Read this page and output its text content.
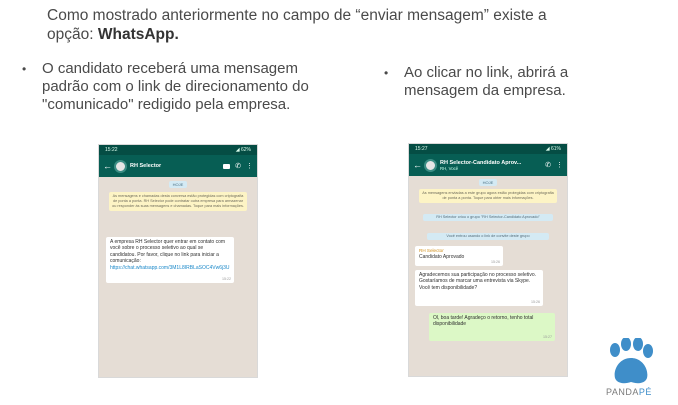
Como mostrado anteriormente no campo de “enviar mensagem” existe a
opção: WhatsApp.
• O candidato receberá uma mensagem padrão com o link de direcionamento do "comunicado" redigido pela empresa.
• Ao clicar no link, abrirá a mensagem da empresa.
15:22	◢ 62%
←	RH Selector	✆ ⋮
HOJE
As mensagens e chamadas desta conversa estão protegidas com criptografia de ponta a ponta. RH Selector pode contratar outra empresa para armazenar ou responder às suas mensagens e chamadas. Toque para mais informações.
A empresa RH Selector quer entrar em contato com você sobre o processo seletivo ao qual se candidatou. Por favor, clique no link para iniciar a comunicação: https://chat.whatsapp.com/3M1L8IRBLaSOC4Vw6j3U
15:22
15:27	◢ 61%
←	RH Selector-Candidato Aprov...
RH, Você	✆ ⋮
HOJE
As mensagens enviadas a este grupo agora estão protegidas com criptografia de ponta a ponta. Toque para obter mais informações.
RH Selector criou o grupo "RH Selector-Candidato Aprovado"
Você entrou usando o link de convite deste grupo
RH Selector
Candidato Aprovado
15:26
Agradecemos sua participação no processo seletivo. Gostaríamos de marcar uma entrevista via Skype. Você tem disponibilidade?
15:26
Ol, boa tarde! Agradeço o retorno, tenho total disponibilidade
15:27
PANDAPÉ
